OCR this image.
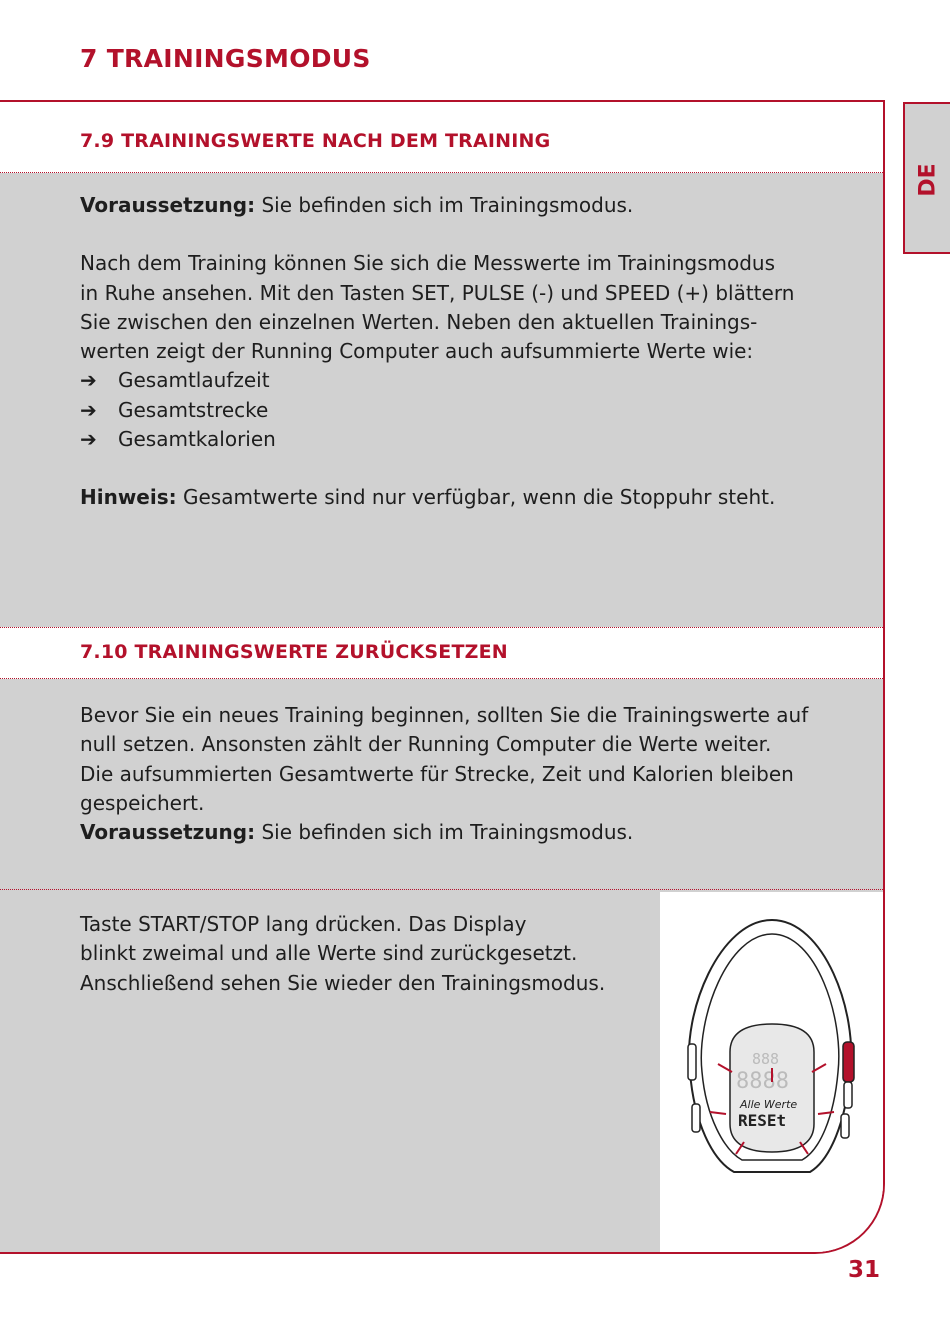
7 TRAININGSMODUS
DE
7.9 TRAININGSWERTE NACH DEM TRAINING

Voraussetzung: Sie befinden sich im Trainingsmodus.

Nach dem Training können Sie sich die Messwerte im Trainingsmodus
in Ruhe ansehen. Mit den Tasten SET, PULSE (-) und SPEED (+) blättern
Sie zwischen den einzelnen Werten. Neben den aktuellen Trainings-
werten zeigt der Running Computer auch aufsummierte Werte wie:
➔ Gesamtlaufzeit
➔ Gesamtstrecke
➔ Gesamtkalorien

Hinweis: Gesamtwerte sind nur verfügbar, wenn die Stoppuhr steht.

7.10 TRAININGSWERTE ZURÜCKSETZEN
Bevor Sie ein neues Training beginnen, sollten Sie die Trainingswerte auf
null setzen. Ansonsten zählt der Running Computer die Werte weiter.
Die aufsummierten Gesamtwerte für Strecke, Zeit und Kalorien bleiben
gespeichert.
Voraussetzung: Sie befinden sich im Trainingsmodus.
Taste START/STOP lang drücken. Das Display
blinkt zweimal und alle Werte sind zurückgesetzt.
Anschließend sehen Sie wieder den Trainingsmodus.
888
8888
Alle Werte
RESEt
31
